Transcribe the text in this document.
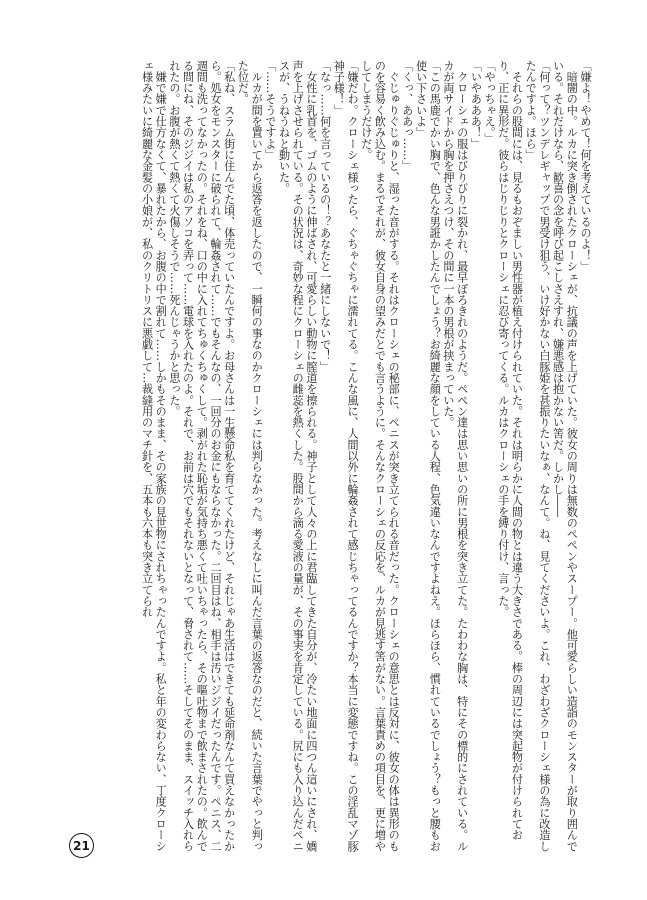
「嫌よ！やめて！何を考えているのよ！」

　暗闇の中。ルカに突き倒されたクローシェが、抗議の声を上げていた。彼女の周りは無数のペペンやスープー。他可愛らしい造詣のモンスターが取り囲んでいる。それだけなら、歓喜の念を呼び起こしさえすれ、嫌悪感は抱かない筈だ。しかし――

「何って？ツンデレギャップで男受け狙う、いけ好かない白豚姫を甚振りたいなぁ、なんて。ね、見てくださいよ。これ、わざわざクローシェ様の為に改造したんですよ。ほら」

　それらの股間には、見るもおぞましい男性器が植え付けられていた。それは明らかに人間の物とは違う大きさである。棒の周辺には突起物が付けられており、正に異形だ。彼らはじりじりとクローシェに忍び寄ってくる。ルカはクローシェの手を縛り付け、言った。

「やっちゃえ。」

「いやあああ！」

　クローシェの服はびりびりに裂かれ、最早ぼろきれのようだ。ペペン達は思い思いの所に男根を突き立てた。たわわな胸は、特にその標的にされている。ルカが両サイドから胸を押さえつけ、その間に一本の男根が挟まっていた。

「この馬鹿でかい胸で、色んな男誑かしたんでしょう？お綺麗な顔をしている人程、色気違いなんですよねえ。ほらほら、慣れているでしょう？もっと腰もお使い下さいよ」

「くっ、ああっ……」

　ぐじゅりぐじゅりと、湿った音がする。それはクローシェの秘部に、ペニスが突き立てられる音だった。クローシェの意思とは反対に、彼女の体は異形のものを容易く飲み込む。まるでそれが、彼女自身の望みだとでも言うように。そんなクローシェの反応を、ルカが見逃す筈がない。言葉責めの項目を、更に増やしてしまうだけだ。

「嫌だわ。クローシェ様ったら、ぐちゃぐちゃに濡れてる。こんな風に、人間以外に輪姦されて感じちゃってるんですか？本当に変態ですね。この淫乱マゾ豚神子様！」

「なっ……何を言っているの！？あなたと一緒にしないで！」

　女性に乳首を、ゴムのように伸ばされ、可愛らしい動物に膣道を擦られる。神子として人々の上に君臨してきた自分が、冷たい地面に四つん這いにされ、嬌声を上げさせられている。その状況は、奇妙な程にクローシェの雌蕊を熱くした。股間から滴る愛液の量が、その事実を肯定している。尻にも入り込んだペニスが、うねうねと動いた。

「……そうですよ」

　ルカが間を置いてから返答を返したので、一瞬何の事なのかクローシェには判らなかった。考えなしに叫んだ言葉の返答なのだと、続いた言葉でやっと判った位だ。

「私ね、スラム街に住んでた頃、体売っていたんですよ。お母さんは一生懸命私を育ててくれたけど、それじゃあ生活はできても延命剤なんて買えなかったから。処女をモンスターに破られて、輪姦されて……でもそんなの、一回分のお金にもならなかった。二回目はね、相手は汚いジジイだったんです。ペニス、二週間も洗ってなかったの。それをね、口の中に入れてちゅくちゅくして。剥がれた恥垢が気持ち悪くて吐いちゃったら、その嘔吐物まで飲まされたの。飲んでる間にね、そのジジイは私のアソコを弄って……電球を入れたのよ。それで、お前は穴でもそれないとなって、脅されて……そしてそのまま、スイッチ入れられたの。お腹が熱くて熱くて火傷しそうで……死んじゃうかと思った。

　嫌で嫌で仕方なくて、暴れたから、お腹の中で割れて……しかもそのまま、その家族の見世物にされちゃったんですよ。私と年の変わらない、丁度クローシェ様みたいに綺麗な金髪の小娘が、私のクリトリスに悪戯して…裁縫用のマチ針を、五本も六本も突き立てられ

21
